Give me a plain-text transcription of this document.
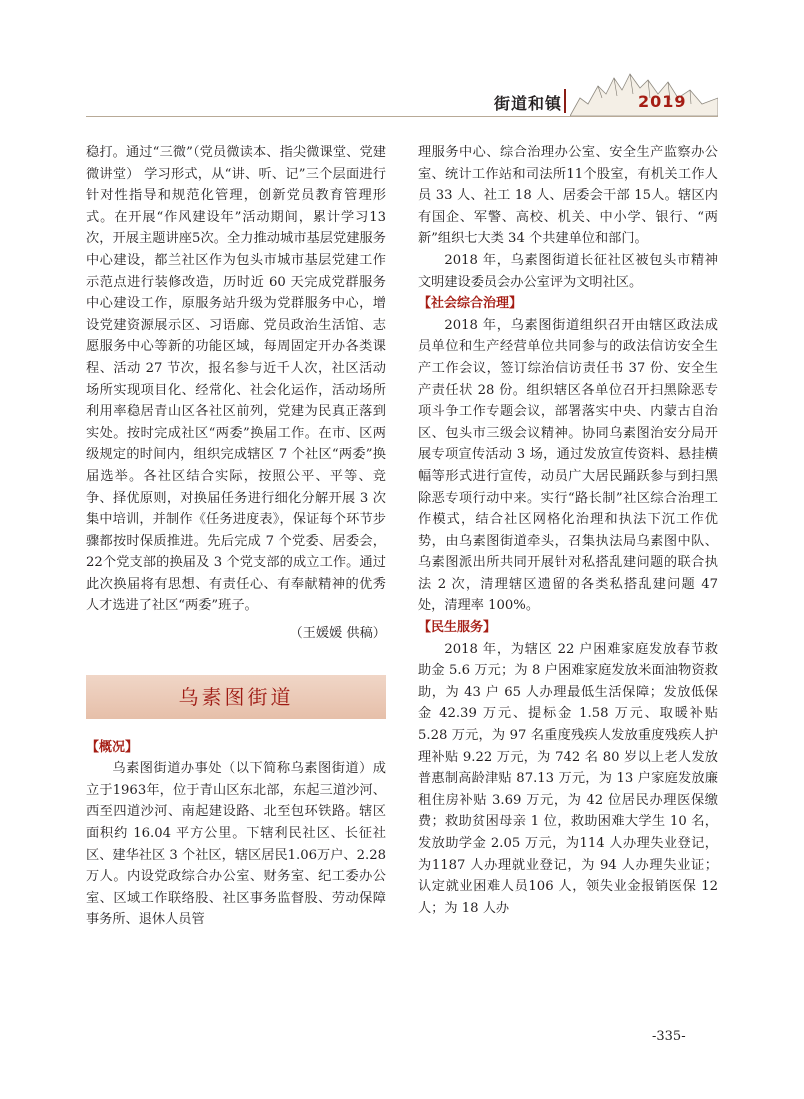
街道和镇	2019

稳打。通过“三微”（党员微读本、指尖微课堂、党建微讲堂） 学习形式，从“讲、听、记”三个层面进行针对性指导和规范化管理，创新党员教育管理形式。在开展“作风建设年”活动期间，累计学习13次，开展主题讲座5次。全力推动城市基层党建服务中心建设，都兰社区作为包头市城市基层党建工作示范点进行装修改造，历时近 60 天完成党群服务中心建设工作，原服务站升级为党群服务中心，增设党建资源展示区、习语廊、党员政治生活馆、志愿服务中心等新的功能区域，每周固定开办各类课程、活动 27 节次，报名参与近千人次，社区活动场所实现项目化、经常化、社会化运作，活动场所利用率稳居青山区各社区前列，党建为民真正落到实处。按时完成社区“两委”换届工作。在市、区两级规定的时间内，组织完成辖区 7 个社区“两委”换届选举。各社区结合实际，按照公平、平等、竞争、择优原则，对换届任务进行细化分解开展 3 次集中培训，并制作《任务进度表》，保证每个环节步骤都按时保质推进。先后完成 7 个党委、居委会，22个党支部的换届及 3 个党支部的成立工作。通过此次换届将有思想、有责任心、有奉献精神的优秀人才选进了社区“两委”班子。

（王媛媛 供稿）

乌素图街道

【概况】

乌素图街道办事处（以下简称乌素图街道）成立于1963年，位于青山区东北部，东起三道沙河、西至四道沙河、南起建设路、北至包环铁路。辖区面积约 16.04 平方公里。下辖利民社区、长征社区、建华社区 3 个社区，辖区居民1.06万户、2.28万人。内设党政综合办公室、财务室、纪工委办公室、区域工作联络股、社区事务监督股、劳动保障事务所、退休人员管

理服务中心、综合治理办公室、安全生产监察办公室、统计工作站和司法所11个股室，有机关工作人员 33 人、社工 18 人、居委会干部 15人。辖区内有国企、军警、高校、机关、中小学、银行、“两新”组织七大类 34 个共建单位和部门。

2018 年，乌素图街道长征社区被包头市精神文明建设委员会办公室评为文明社区。

【社会综合治理】

2018 年，乌素图街道组织召开由辖区政法成员单位和生产经营单位共同参与的政法信访安全生产工作会议，签订综治信访责任书 37 份、安全生产责任状 28 份。组织辖区各单位召开扫黑除恶专项斗争工作专题会议，部署落实中央、内蒙古自治区、包头市三级会议精神。协同乌素图治安分局开展专项宣传活动 3 场，通过发放宣传资料、悬挂横幅等形式进行宣传，动员广大居民踊跃参与到扫黑除恶专项行动中来。实行“路长制”社区综合治理工作模式，结合社区网格化治理和执法下沉工作优势，由乌素图街道牵头，召集执法局乌素图中队、乌素图派出所共同开展针对私搭乱建问题的联合执法 2 次，清理辖区遗留的各类私搭乱建问题 47 处，清理率 100%。

【民生服务】

2018 年，为辖区 22 户困难家庭发放春节救助金 5.6 万元；为 8 户困难家庭发放米面油物资救助，为 43 户 65 人办理最低生活保障；发放低保金 42.39 万元、提标金 1.58 万元、取暖补贴 5.28 万元，为 97 名重度残疾人发放重度残疾人护理补贴 9.22 万元，为 742 名 80 岁以上老人发放普惠制高龄津贴 87.13 万元，为 13 户家庭发放廉租住房补贴 3.69 万元，为 42 位居民办理医保缴费；救助贫困母亲 1 位，救助困难大学生 10 名，发放助学金 2.05 万元，为114 人办理失业登记，为1187 人办理就业登记，为 94 人办理失业证；认定就业困难人员106 人，领失业金报销医保 12 人；为 18 人办

-335-
